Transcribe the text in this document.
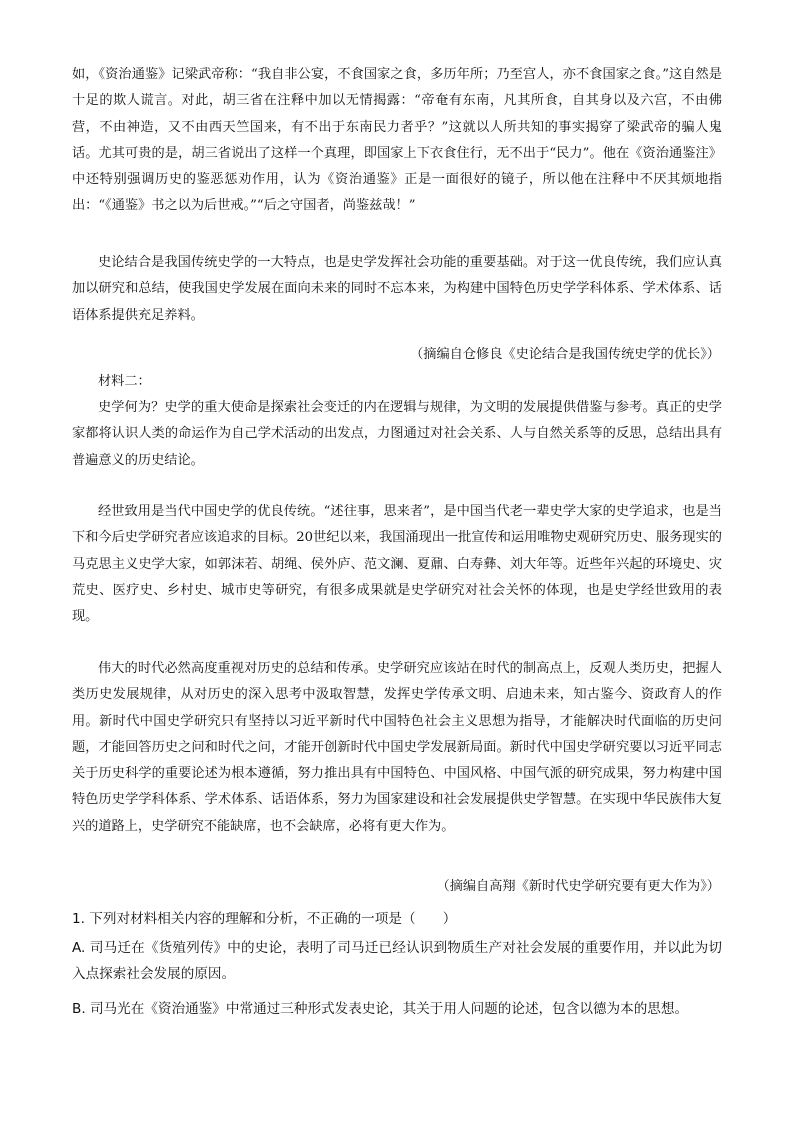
如，《资治通鉴》记梁武帝称：“我自非公宴，不食国家之食，多历年所；乃至宫人，亦不食国家之食。”这自然是十足的欺人谎言。对此，胡三省在注释中加以无情揭露：“帝奄有东南，凡其所食，自其身以及六宫，不由佛营，不由神造，又不由西天竺国来，有不出于东南民力者乎？”这就以人所共知的事实揭穿了梁武帝的骗人鬼话。尤其可贵的是，胡三省说出了这样一个真理，即国家上下衣食住行，无不出于“民力”。他在《资治通鉴注》中还特别强调历史的鉴恶惩劝作用，认为《资治通鉴》正是一面很好的镜子，所以他在注释中不厌其烦地指出：“《通鉴》书之以为后世戒。”“后之守国者，尚鉴兹哉！”

史论结合是我国传统史学的一大特点，也是史学发挥社会功能的重要基础。对于这一优良传统，我们应认真加以研究和总结，使我国史学发展在面向未来的同时不忘本来，为构建中国特色历史学学科体系、学术体系、话语体系提供充足养料。

（摘编自仓修良《史论结合是我国传统史学的优长》）

材料二：

史学何为？史学的重大使命是探索社会变迁的内在逻辑与规律，为文明的发展提供借鉴与参考。真正的史学家都将认识人类的命运作为自己学术活动的出发点，力图通过对社会关系、人与自然关系等的反思，总结出具有普遍意义的历史结论。

经世致用是当代中国史学的优良传统。“述往事，思来者”，是中国当代老一辈史学大家的史学追求，也是当下和今后史学研究者应该追求的目标。20世纪以来，我国涌现出一批宣传和运用唯物史观研究历史、服务现实的马克思主义史学大家，如郭沫若、胡绳、侯外庐、范文澜、夏鼐、白寿彝、刘大年等。近些年兴起的环境史、灾荒史、医疗史、乡村史、城市史等研究，有很多成果就是史学研究对社会关怀的体现，也是史学经世致用的表现。

伟大的时代必然高度重视对历史的总结和传承。史学研究应该站在时代的制高点上，反观人类历史，把握人类历史发展规律，从对历史的深入思考中汲取智慧，发挥史学传承文明、启迪未来，知古鉴今、资政育人的作用。新时代中国史学研究只有坚持以习近平新时代中国特色社会主义思想为指导，才能解决时代面临的历史问题，才能回答历史之问和时代之问，才能开创新时代中国史学发展新局面。新时代中国史学研究要以习近平同志关于历史科学的重要论述为根本遵循，努力推出具有中国特色、中国风格、中国气派的研究成果，努力构建中国特色历史学学科体系、学术体系、话语体系，努力为国家建设和社会发展提供史学智慧。在实现中华民族伟大复兴的道路上，史学研究不能缺席，也不会缺席，必将有更大作为。

（摘编自高翔《新时代史学研究要有更大作为》）

1. 下列对材料相关内容的理解和分析，不正确的一项是（　　）

A. 司马迁在《货殖列传》中的史论，表明了司马迁已经认识到物质生产对社会发展的重要作用，并以此为切入点探索社会发展的原因。

B. 司马光在《资治通鉴》中常通过三种形式发表史论，其关于用人问题的论述，包含以德为本的思想。
